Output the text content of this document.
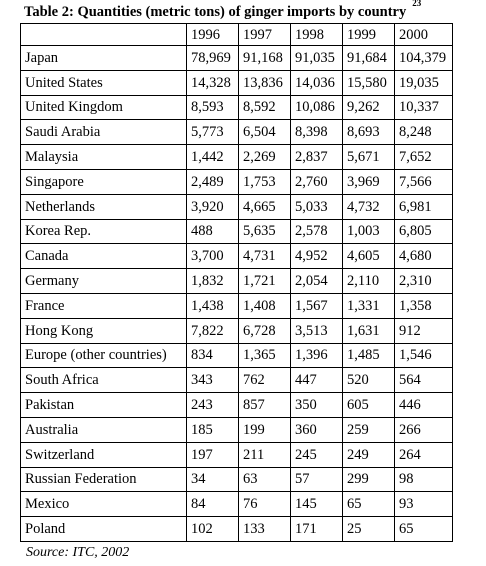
Table 2: Quantities (metric tons) of ginger imports by country$^{23}$
	1996	1997	1998	1999	2000
Japan	78,969	91,168	91,035	91,684	104,379
United States	14,328	13,836	14,036	15,580	19,035
United Kingdom	8,593	8,592	10,086	9,262	10,337
Saudi Arabia	5,773	6,504	8,398	8,693	8,248
Malaysia	1,442	2,269	2,837	5,671	7,652
Singapore	2,489	1,753	2,760	3,969	7,566
Netherlands	3,920	4,665	5,033	4,732	6,981
Korea Rep.	488	5,635	2,578	1,003	6,805
Canada	3,700	4,731	4,952	4,605	4,680
Germany	1,832	1,721	2,054	2,110	2,310
France	1,438	1,408	1,567	1,331	1,358
Hong Kong	7,822	6,728	3,513	1,631	912
Europe (other countries)	834	1,365	1,396	1,485	1,546
South Africa	343	762	447	520	564
Pakistan	243	857	350	605	446
Australia	185	199	360	259	266
Switzerland	197	211	245	249	264
Russian Federation	34	63	57	299	98
Mexico	84	76	145	65	93
Poland	102	133	171	25	65
Source: ITC, 2002
